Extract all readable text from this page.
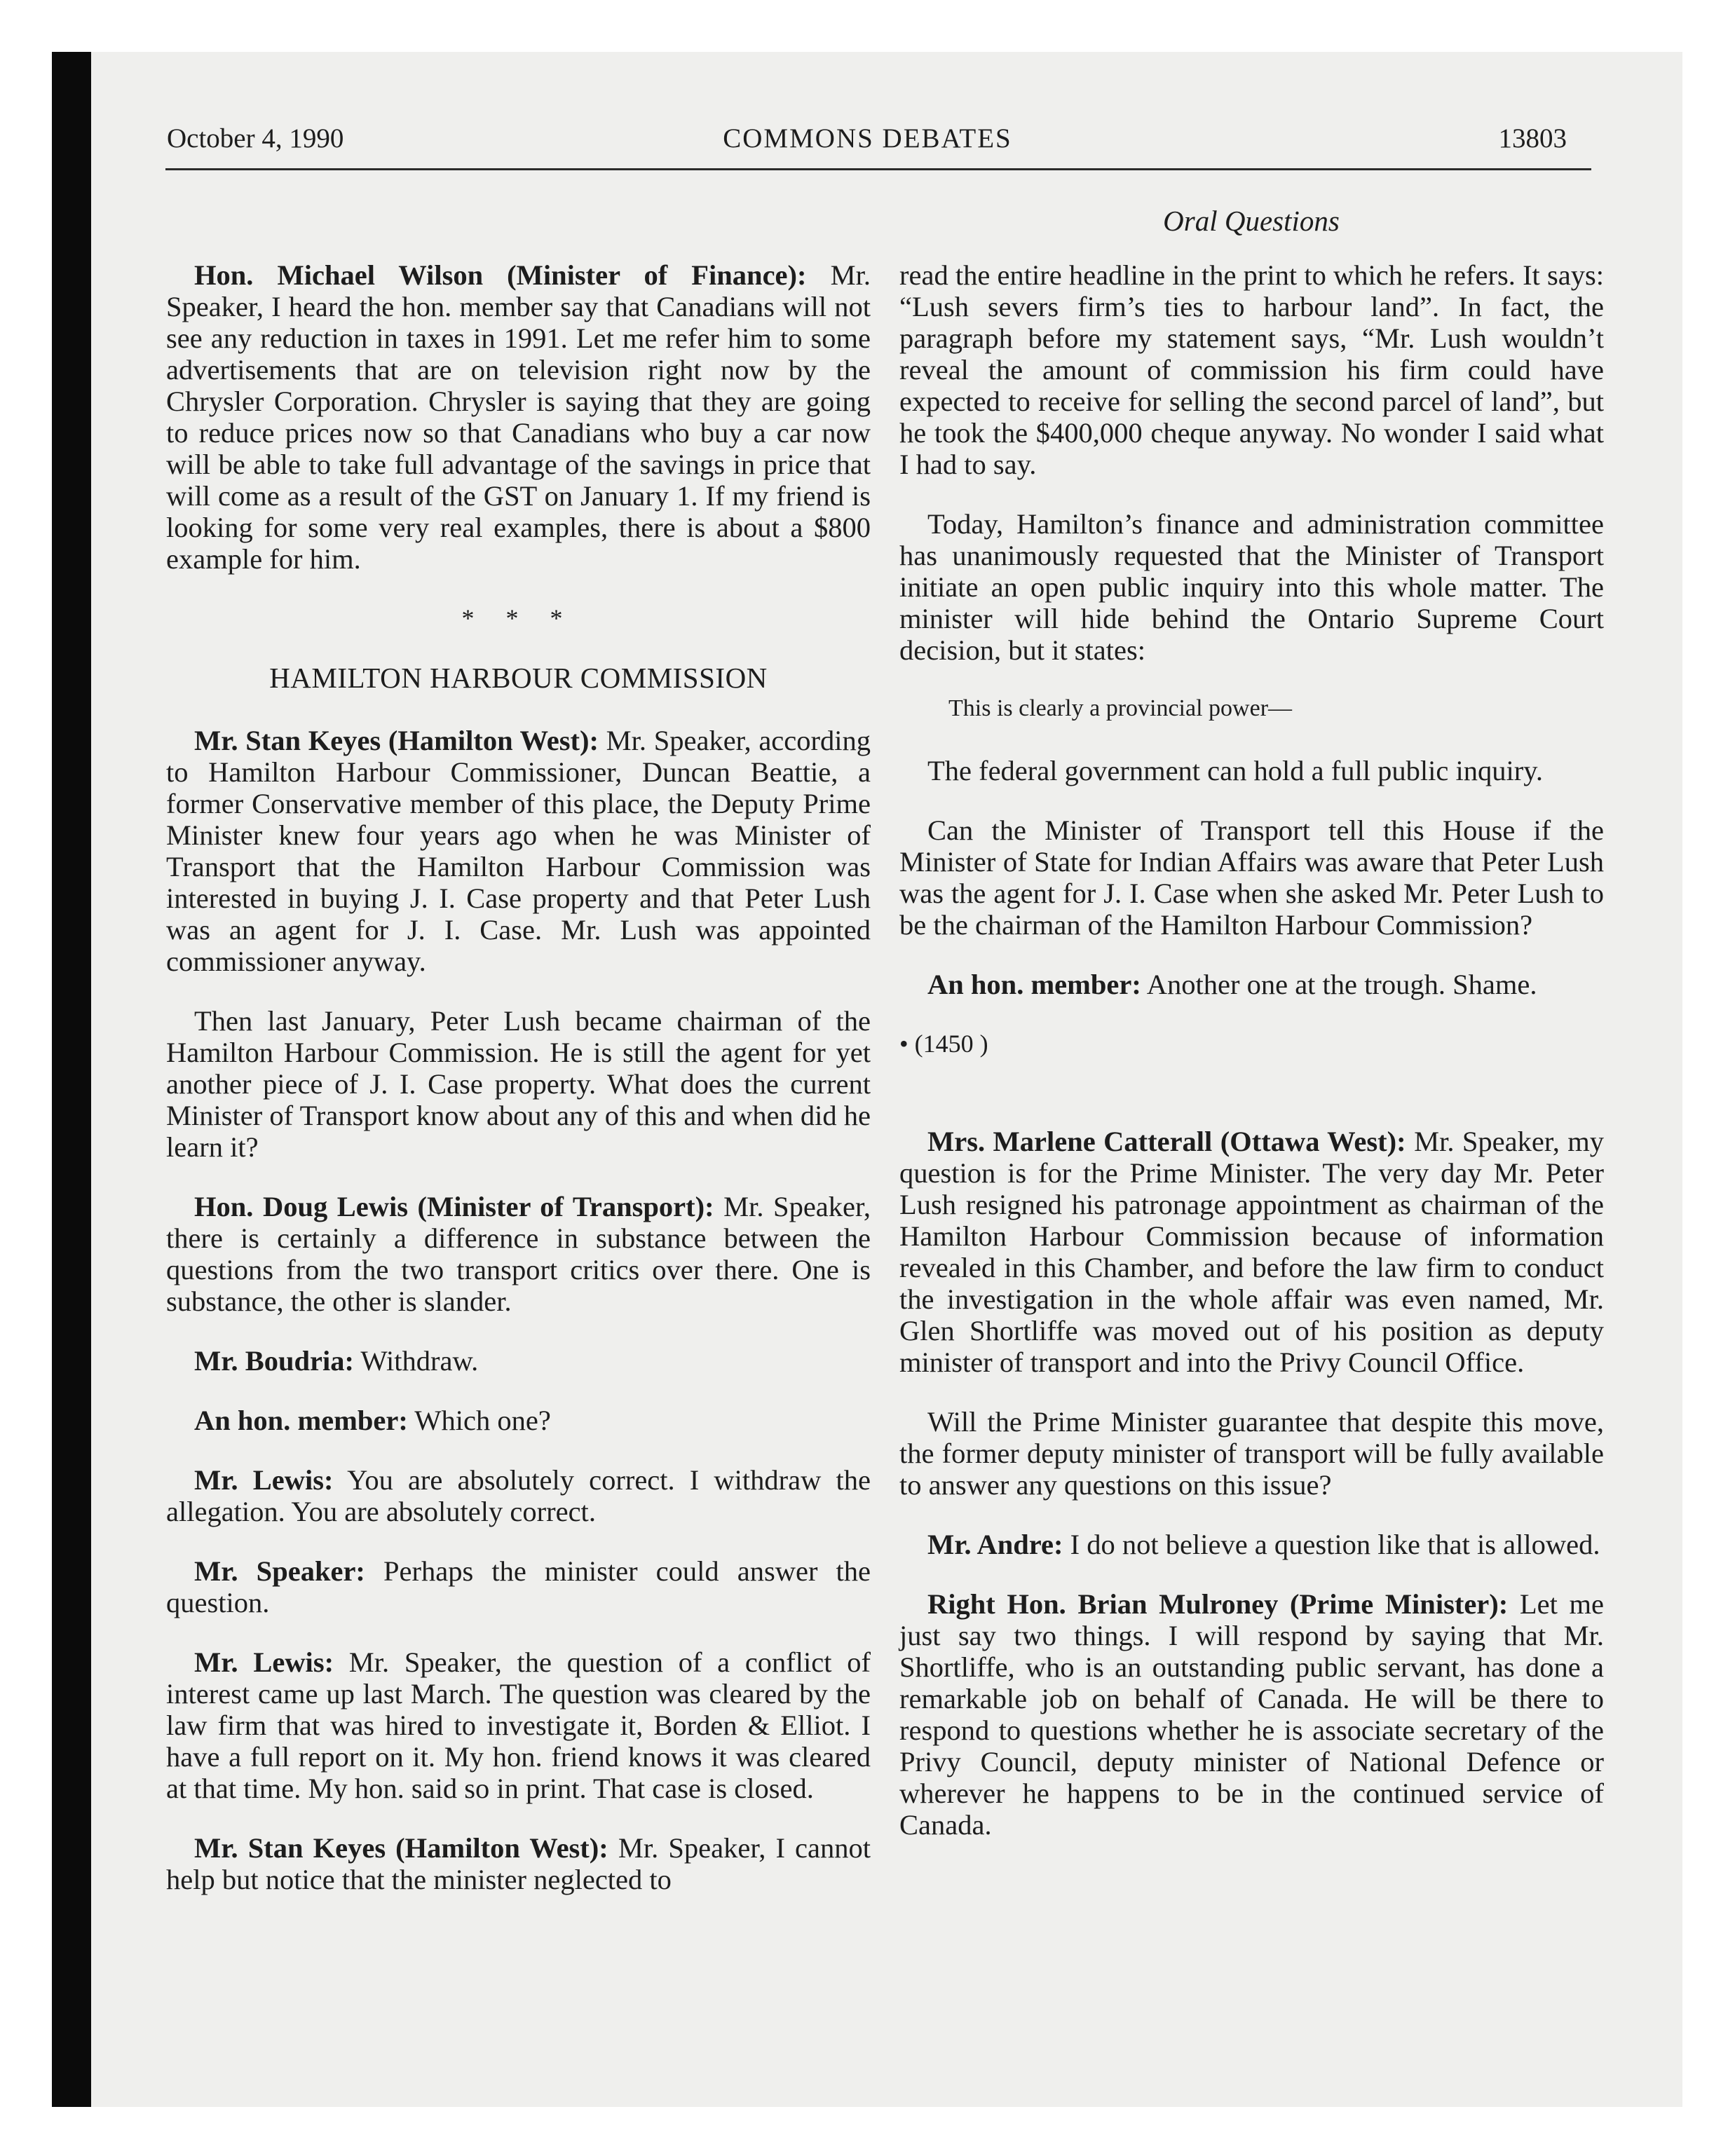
October 4, 1990	COMMONS DEBATES	13803
Oral Questions

Hon. Michael Wilson (Minister of Finance): Mr. Speaker, I heard the hon. member say that Canadians will not see any reduction in taxes in 1991. Let me refer him to some advertisements that are on television right now by the Chrysler Corporation. Chrysler is saying that they are going to reduce prices now so that Canadians who buy a car now will be able to take full advantage of the savings in price that will come as a result of the GST on January 1. If my friend is looking for some very real examples, there is about a $800 example for him.

* * *
HAMILTON HARBOUR COMMISSION

Mr. Stan Keyes (Hamilton West): Mr. Speaker, according to Hamilton Harbour Commissioner, Duncan Beattie, a former Conservative member of this place, the Deputy Prime Minister knew four years ago when he was Minister of Transport that the Hamilton Harbour Commission was interested in buying J. I. Case property and that Peter Lush was an agent for J. I. Case. Mr. Lush was appointed commissioner anyway.

Then last January, Peter Lush became chairman of the Hamilton Harbour Commission. He is still the agent for yet another piece of J. I. Case property. What does the current Minister of Transport know about any of this and when did he learn it?

Hon. Doug Lewis (Minister of Transport): Mr. Speaker, there is certainly a difference in substance between the questions from the two transport critics over there. One is substance, the other is slander.

Mr. Boudria: Withdraw.

An hon. member: Which one?

Mr. Lewis: You are absolutely correct. I withdraw the allegation. You are absolutely correct.

Mr. Speaker: Perhaps the minister could answer the question.

Mr. Lewis: Mr. Speaker, the question of a conflict of interest came up last March. The question was cleared by the law firm that was hired to investigate it, Borden & Elliot. I have a full report on it. My hon. friend knows it was cleared at that time. My hon. said so in print. That case is closed.

Mr. Stan Keyes (Hamilton West): Mr. Speaker, I cannot help but notice that the minister neglected to

read the entire headline in the print to which he refers. It says: “Lush severs firm’s ties to harbour land”. In fact, the paragraph before my statement says, “Mr. Lush wouldn’t reveal the amount of commission his firm could have expected to receive for selling the second parcel of land”, but he took the $400,000 cheque anyway. No wonder I said what I had to say.

Today, Hamilton’s finance and administration committee has unanimously requested that the Minister of Transport initiate an open public inquiry into this whole matter. The minister will hide behind the Ontario Supreme Court decision, but it states:

This is clearly a provincial power—

The federal government can hold a full public inquiry.

Can the Minister of Transport tell this House if the Minister of State for Indian Affairs was aware that Peter Lush was the agent for J. I. Case when she asked Mr. Peter Lush to be the chairman of the Hamilton Harbour Commission?

An hon. member: Another one at the trough. Shame.

• (1450 )

Mrs. Marlene Catterall (Ottawa West): Mr. Speaker, my question is for the Prime Minister. The very day Mr. Peter Lush resigned his patronage appointment as chairman of the Hamilton Harbour Commission because of information revealed in this Chamber, and before the law firm to conduct the investigation in the whole affair was even named, Mr. Glen Shortliffe was moved out of his position as deputy minister of transport and into the Privy Council Office.

Will the Prime Minister guarantee that despite this move, the former deputy minister of transport will be fully available to answer any questions on this issue?

Mr. Andre: I do not believe a question like that is allowed.

Right Hon. Brian Mulroney (Prime Minister): Let me just say two things. I will respond by saying that Mr. Shortliffe, who is an outstanding public servant, has done a remarkable job on behalf of Canada. He will be there to respond to questions whether he is associate secretary of the Privy Council, deputy minister of National Defence or wherever he happens to be in the continued service of Canada.
